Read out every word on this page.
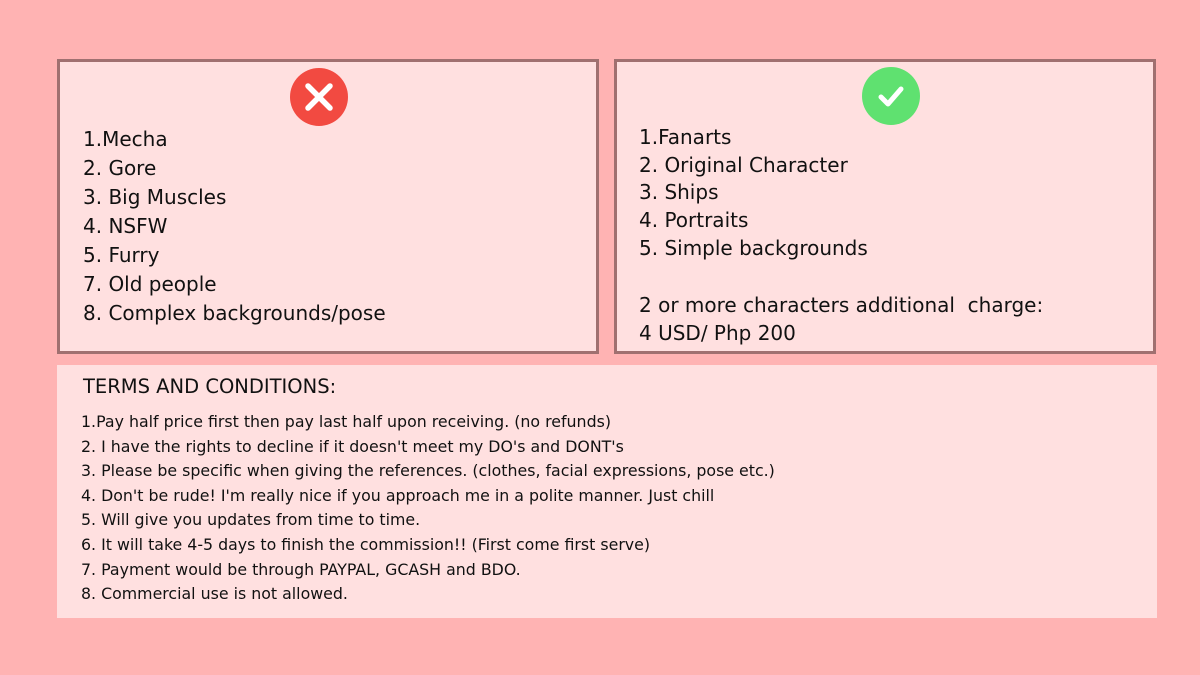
1.Mecha
2. Gore
3. Big Muscles
4. NSFW
5. Furry
7. Old people
8. Complex backgrounds/pose
1.Fanarts
2. Original Character
3. Ships
4. Portraits
5. Simple backgrounds
2 or more characters additional  charge:
4 USD/ Php 200
TERMS AND CONDITIONS:
1.Pay half price first then pay last half upon receiving. (no refunds)
2. I have the rights to decline if it doesn't meet my DO's and DONT's
3. Please be specific when giving the references. (clothes, facial expressions, pose etc.)
4. Don't be rude! I'm really nice if you approach me in a polite manner. Just chill
5. Will give you updates from time to time.
6. It will take 4-5 days to finish the commission!! (First come first serve)
7. Payment would be through PAYPAL, GCASH and BDO.
8. Commercial use is not allowed.
